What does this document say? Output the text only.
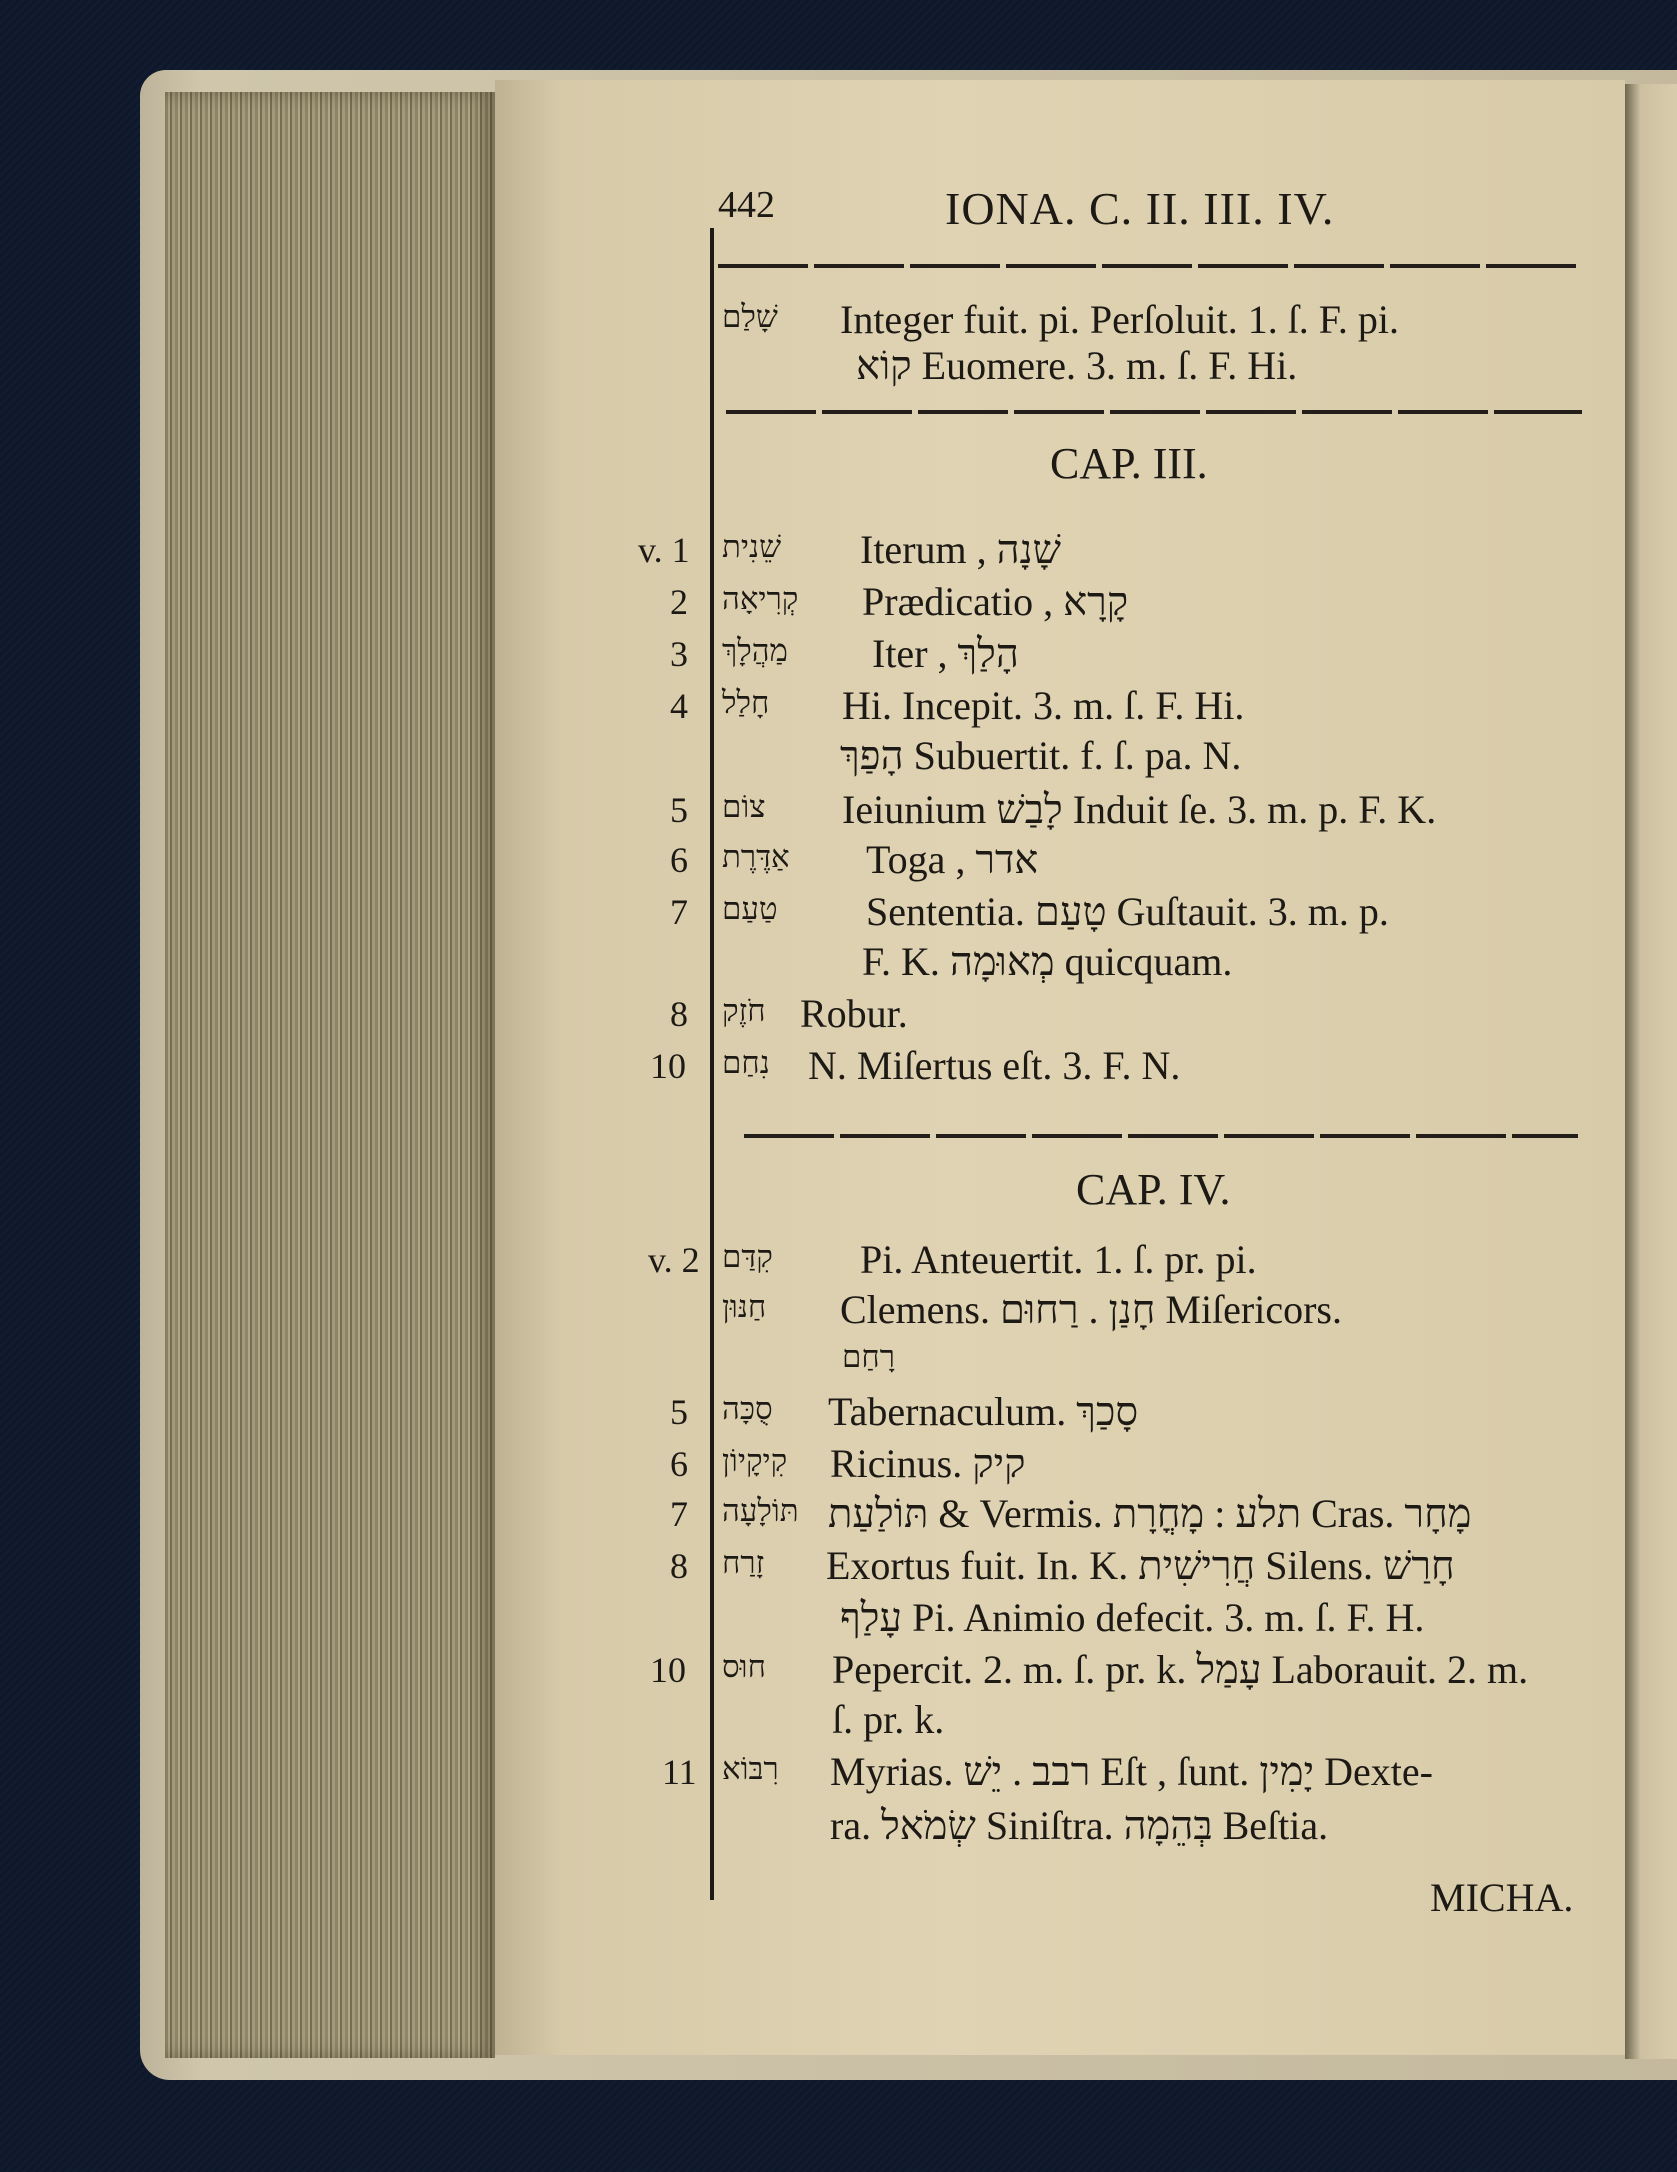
442	IONA. C. II. III. IV.
שָׁלַם Integer fuit. pi. Perſoluit. 1. ſ. F. pi.
קוֹא Euomere. 3. m. ſ. F. Hi.
CAP. III.
v. 1 שֵׁנִית Iterum , שָׁנָה
2 קְרִיאָה Prædicatio , קָרָא
3 מַהֲלָךְ Iter , הָלַךְ
4 חָלַל Hi. Incepit. 3. m. ſ. F. Hi.
הָפַךְ Subuertit. f. ſ. pa. N.
5 צוֹם Ieiunium לָבַשׁ Induit ſe. 3. m. p. F. K.
6 אַדֶּרֶת Toga , אדר
7 טַעַם Sententia. טָעַם Guſtauit. 3. m. p.
F. K. מְאוּמָה quicquam.
8 חֹזֶק Robur.
10 נִחַם N. Miſertus eſt. 3. F. N.
CAP. IV.
v. 2 קִדַּם Pi. Anteuertit. 1. ſ. pr. pi.
חַנּוּן Clemens. חָנַן . רַחוּם Miſericors.
רָחַם
5 סֻכָּה Tabernaculum. סָכַךְ
6 קִיקָיוֹן Ricinus. קיק
7 תּוֹלָעָה תּוֹלַעַת & Vermis. תלע : מָחֳרָת Cras. מָחָר
8 זָרַח Exortus fuit. In. K. חֲרִישִׁית Silens. חָרַשׁ
עָלַף Pi. Animio defecit. 3. m. ſ. F. H.
10 חוּס Pepercit. 2. m. ſ. pr. k. עָמַל Laborauit. 2. m.
ſ. pr. k.
11 רִבּוֹא Myrias. רבב . יֵשׁ Eſt , ſunt. יָמִין Dexte-
ra. שְׂמֹאל Siniſtra. בְּהֵמָה Beſtia.
MICHA.
